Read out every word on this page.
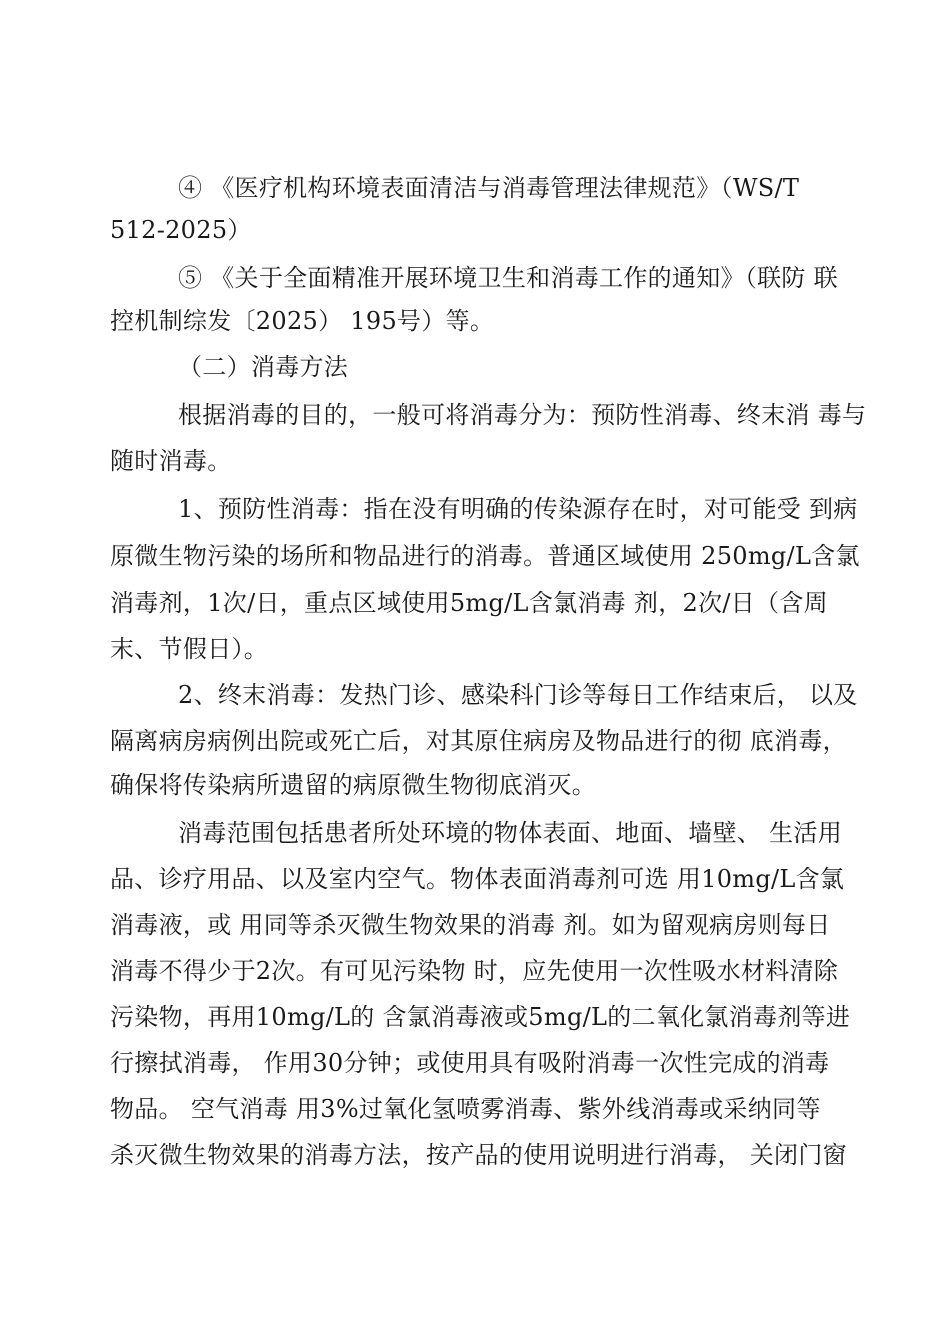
④ 《医疗机构环境表面清洁与消毒管理法律规范》（WS/T
512-2025）
⑤ 《关于全面精准开展环境卫生和消毒工作的通知》（联防 联
控机制综发〔2025） 195号）等。
（二）消毒方法
根据消毒的目的，一般可将消毒分为：预防性消毒、终末消 毒与
随时消毒。
1、预防性消毒：指在没有明确的传染源存在时，对可能受 到病
原微生物污染的场所和物品进行的消毒。普通区域使用 250mg/L含氯
消毒剂，1次/日，重点区域使用5mg/L含氯消毒 剂，2次/日（含周
末、节假日）。
2、终末消毒：发热门诊、感染科门诊等每日工作结束后， 以及
隔离病房病例出院或死亡后，对其原住病房及物品进行的彻 底消毒，
确保将传染病所遗留的病原微生物彻底消灭。
消毒范围包括患者所处环境的物体表面、地面、墙壁、 生活用
品、诊疗用品、以及室内空气。物体表面消毒剂可选 用10mg/L含氯
消毒液，或 用同等杀灭微生物效果的消毒 剂。如为留观病房则每日
消毒不得少于2次。有可见污染物 时，应先使用一次性吸水材料清除
污染物，再用10mg/L的 含氯消毒液或5mg/L的二氧化氯消毒剂等进
行擦拭消毒， 作用30分钟；或使用具有吸附消毒一次性完成的消毒
物品。 空气消毒 用3%过氧化氢喷雾消毒、紫外线消毒或采纳同等
杀灭微生物效果的消毒方法，按产品的使用说明进行消毒， 关闭门窗
